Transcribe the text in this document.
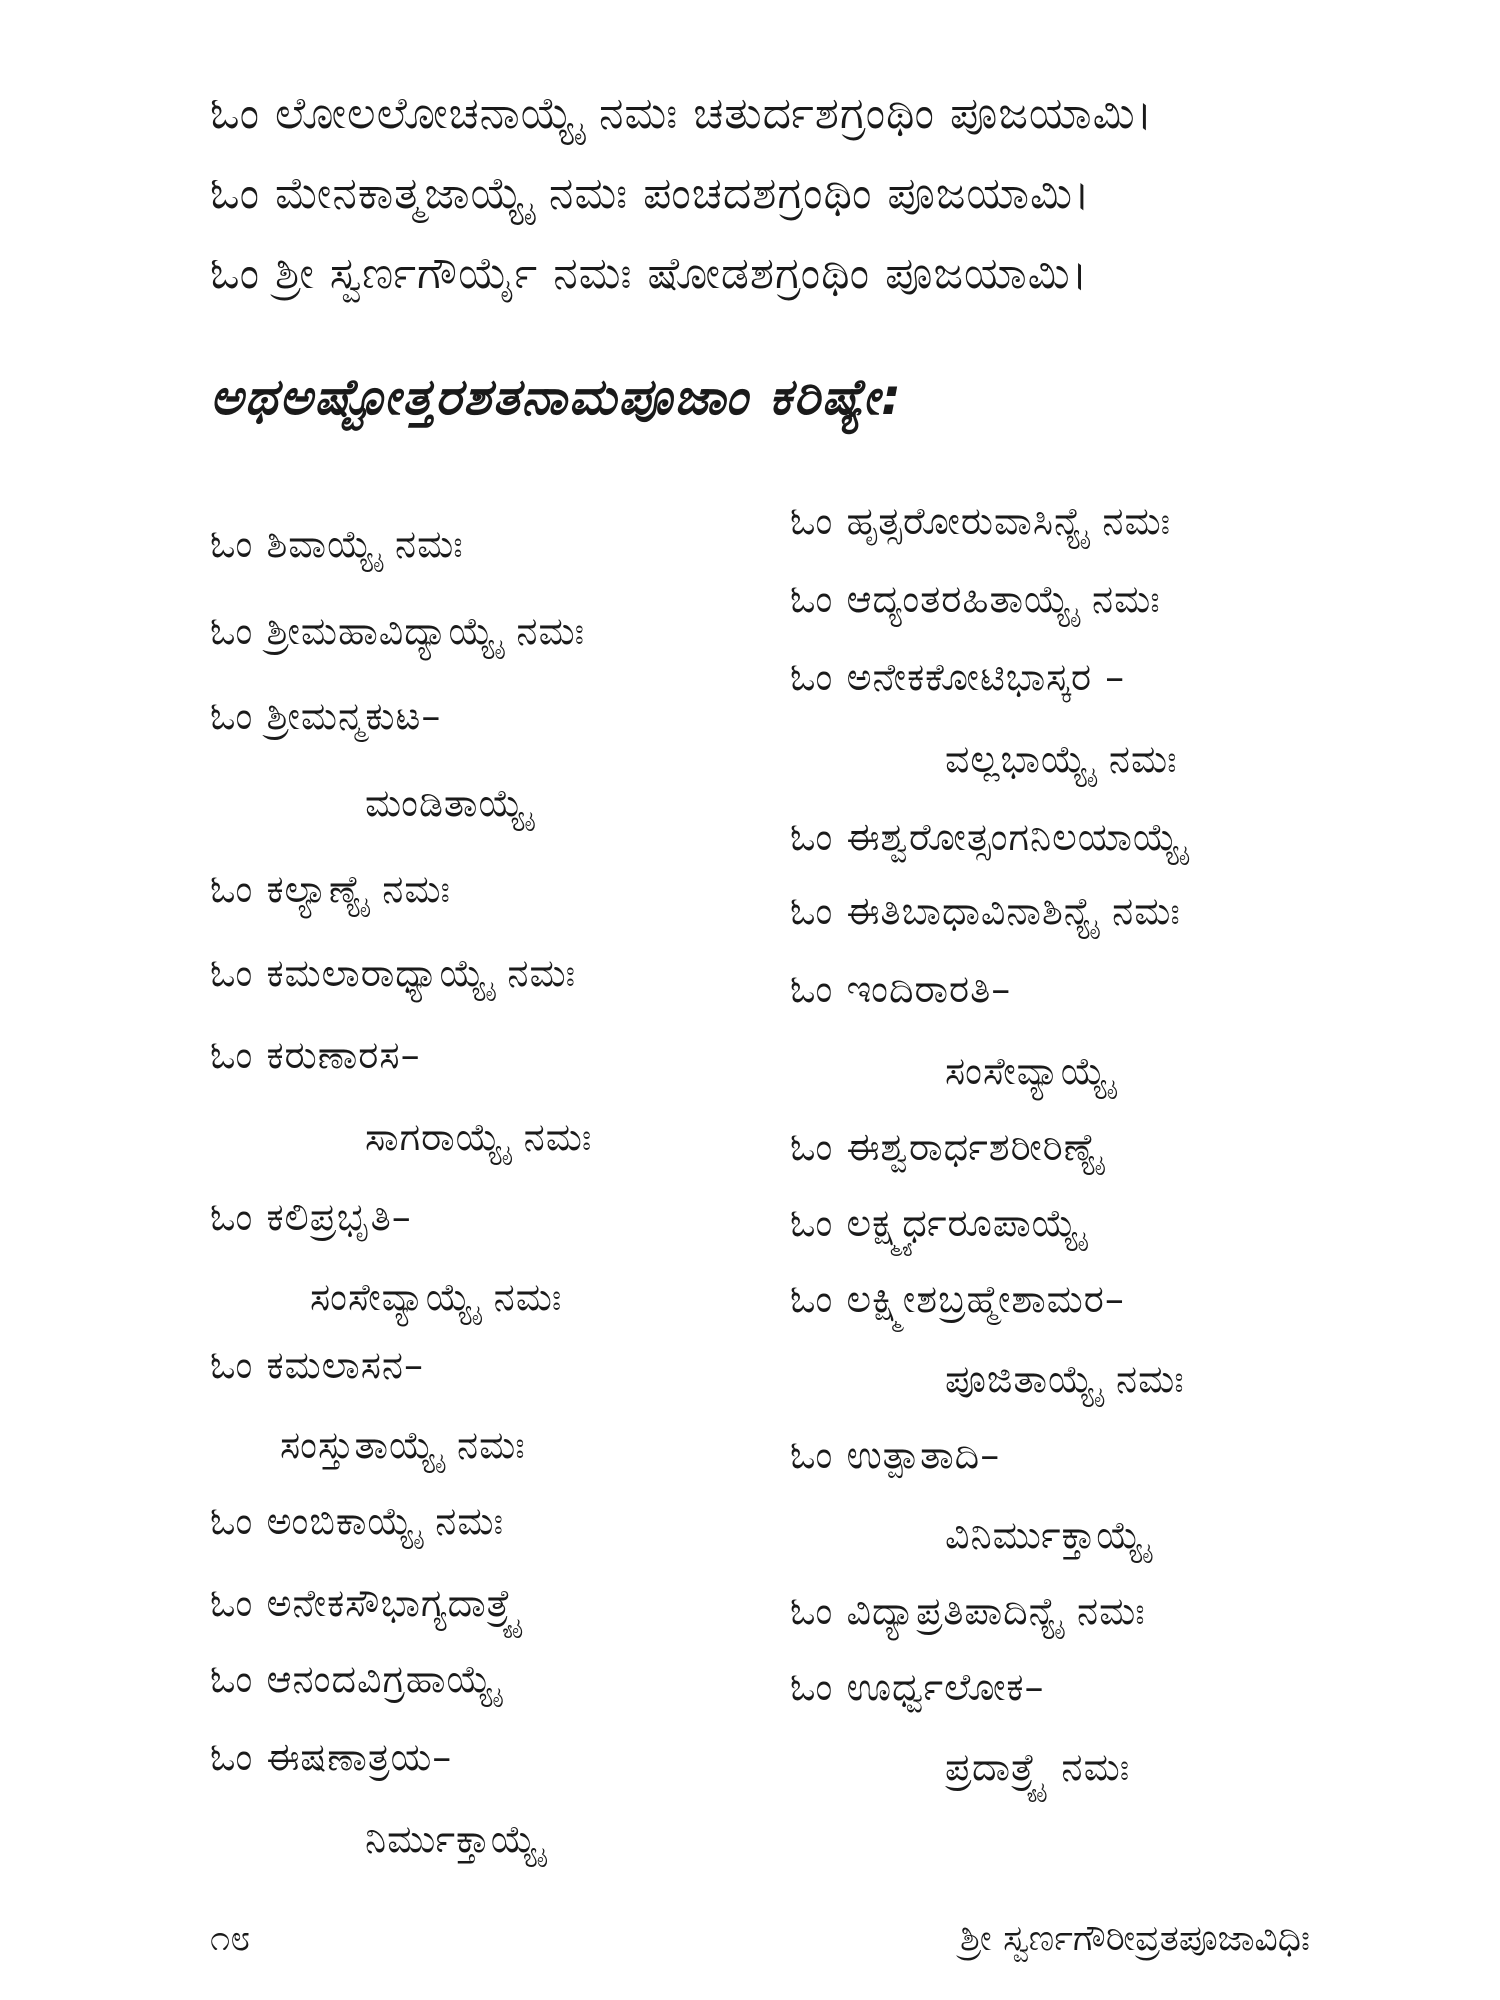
ಓಂ ಲೋಲಲೋಚನಾಯ್ಯೈ ನಮಃ ಚತುರ್ದಶಗ್ರಂಥಿಂ ಪೂಜಯಾಮಿ।
ಓಂ ಮೇನಕಾತ್ಮಜಾಯ್ಯೈ ನಮಃ ಪಂಚದಶಗ್ರಂಥಿಂ ಪೂಜಯಾಮಿ।
ಓಂ ಶ್ರೀ ಸ್ವರ್ಣಗೌರ್ಯೈ ನಮಃ ಷೋಡಶಗ್ರಂಥಿಂ ಪೂಜಯಾಮಿ।
ಅಥಅಷ್ಟೋತ್ತರಶತನಾಮಪೂಜಾಂ ಕರಿಷ್ಯೇ:
ಓಂ ಶಿವಾಯ್ಯೈ ನಮಃ
ಓಂ ಶ್ರೀಮಹಾವಿದ್ಯಾಯ್ಯೈ ನಮಃ
ಓಂ ಶ್ರೀಮನ್ಮಕುಟ–
ಮಂಡಿತಾಯ್ಯೈ
ಓಂ ಕಲ್ಯಾಣ್ಯೈ ನಮಃ
ಓಂ ಕಮಲಾರಾಧ್ಯಾಯ್ಯೈ ನಮಃ
ಓಂ ಕರುಣಾರಸ–
ಸಾಗರಾಯ್ಯೈ ನಮಃ
ಓಂ ಕಲಿಪ್ರಭೃತಿ–
ಸಂಸೇವ್ಯಾಯ್ಯೈ ನಮಃ
ಓಂ ಕಮಲಾಸನ–
ಸಂಸ್ತುತಾಯ್ಯೈ ನಮಃ
ಓಂ ಅಂಬಿಕಾಯ್ಯೈ ನಮಃ
ಓಂ ಅನೇಕಸೌಭಾಗ್ಯದಾತ್ರ್ಯೈ
ಓಂ ಆನಂದವಿಗ್ರಹಾಯ್ಯೈ
ಓಂ ಈಷಣಾತ್ರಯ–
ನಿರ್ಮುಕ್ತಾಯ್ಯೈ
ಓಂ ಹೃತ್ಸರೋರುವಾಸಿನ್ಯೈ ನಮಃ
ಓಂ ಆದ್ಯಂತರಹಿತಾಯ್ಯೈ ನಮಃ
ಓಂ ಅನೇಕಕೋಟಿಭಾಸ್ಕರ –
ವಲ್ಲಭಾಯ್ಯೈ ನಮಃ
ಓಂ ಈಶ್ವರೋತ್ಸಂಗನಿಲಯಾಯ್ಯೈ
ಓಂ ಈತಿಬಾಧಾವಿನಾಶಿನ್ಯೈ ನಮಃ
ಓಂ ಇಂದಿರಾರತಿ–
ಸಂಸೇವ್ಯಾಯ್ಯೈ
ಓಂ ಈಶ್ವರಾರ್ಧಶರೀರಿಣ್ಯೈ
ಓಂ ಲಕ್ಷ್ಮ್ಯರ್ಧರೂಪಾಯ್ಯೈ
ಓಂ ಲಕ್ಷ್ಮೀಶಬ್ರಹ್ಮೇಶಾಮರ–
ಪೂಜಿತಾಯ್ಯೈ ನಮಃ
ಓಂ ಉತ್ಪಾತಾದಿ–
ವಿನಿರ್ಮುಕ್ತಾಯ್ಯೈ
ಓಂ ವಿದ್ಯಾಪ್ರತಿಪಾದಿನ್ಯೈ ನಮಃ
ಓಂ ಊರ್ಧ್ವಲೋಕ–
ಪ್ರದಾತ್ರ್ಯೈ ನಮಃ
೧೮	ಶ್ರೀ ಸ್ವರ್ಣಗೌರೀವ್ರತಪೂಜಾವಿಧಿಃ
